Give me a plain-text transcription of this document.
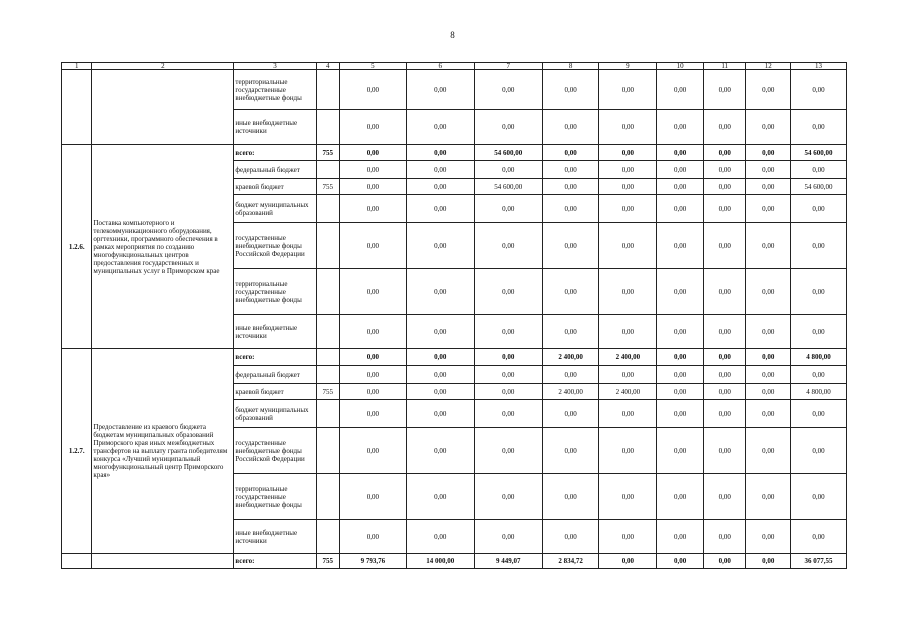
8
1	2	3	4	5	6	7	8	9	10	11	12	13
		территориальные государственные внебюджетные фонды		0,00	0,00	0,00	0,00	0,00	0,00	0,00	0,00	0,00
		иные внебюджетные источники		0,00	0,00	0,00	0,00	0,00	0,00	0,00	0,00	0,00
1.2.6.	Поставка компьютерного и телекоммуникационного оборудования, оргтехники, программного обеспечения в рамках мероприятия по созданию многофункциональных центров предоставления государственных и муниципальных услуг в Приморском крае	всего:	755	0,00	0,00	54 600,00	0,00	0,00	0,00	0,00	0,00	54 600,00
		федеральный бюджет		0,00	0,00	0,00	0,00	0,00	0,00	0,00	0,00	0,00
		краевой бюджет	755	0,00	0,00	54 600,00	0,00	0,00	0,00	0,00	0,00	54 600,00
		бюджет муниципальных образований		0,00	0,00	0,00	0,00	0,00	0,00	0,00	0,00	0,00
		государственные внебюджетные фонды Российской Федерации		0,00	0,00	0,00	0,00	0,00	0,00	0,00	0,00	0,00
		территориальные государственные внебюджетные фонды		0,00	0,00	0,00	0,00	0,00	0,00	0,00	0,00	0,00
		иные внебюджетные источники		0,00	0,00	0,00	0,00	0,00	0,00	0,00	0,00	0,00
1.2.7.	Предоставление из краевого бюджета бюджетам муниципальных образований Приморского края иных межбюджетных трансфертов на выплату гранта победителям конкурса «Лучший муниципальный многофункциональный центр Приморского края»	всего:		0,00	0,00	0,00	2 400,00	2 400,00	0,00	0,00	0,00	4 800,00
		федеральный бюджет		0,00	0,00	0,00	0,00	0,00	0,00	0,00	0,00	0,00
		краевой бюджет	755	0,00	0,00	0,00	2 400,00	2 400,00	0,00	0,00	0,00	4 800,00
		бюджет муниципальных образований		0,00	0,00	0,00	0,00	0,00	0,00	0,00	0,00	0,00
		государственные внебюджетные фонды Российской Федерации		0,00	0,00	0,00	0,00	0,00	0,00	0,00	0,00	0,00
		территориальные государственные внебюджетные фонды		0,00	0,00	0,00	0,00	0,00	0,00	0,00	0,00	0,00
		иные внебюджетные источники		0,00	0,00	0,00	0,00	0,00	0,00	0,00	0,00	0,00
		всего:	755	9 793,76	14 000,00	9 449,07	2 834,72	0,00	0,00	0,00	0,00	36 077,55
